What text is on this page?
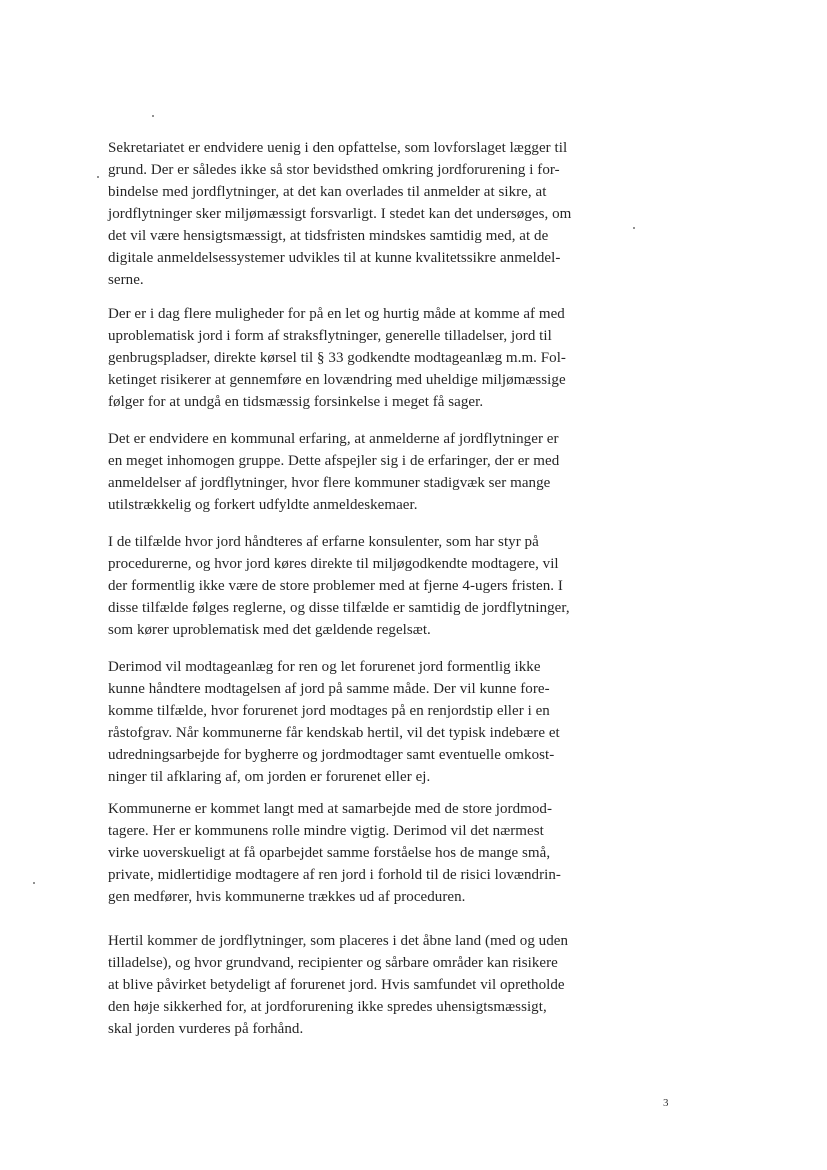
Sekretariatet er endvidere uenig i den opfattelse, som lovforslaget lægger til
grund. Der er således ikke så stor bevidsthed omkring jordforurening i for-
bindelse med jordflytninger, at det kan overlades til anmelder at sikre, at
jordflytninger sker miljømæssigt forsvarligt. I stedet kan det undersøges, om
det vil være hensigtsmæssigt, at tidsfristen mindskes samtidig med, at de
digitale anmeldelsessystemer udvikles til at kunne kvalitetssikre anmeldel-
serne.
Der er i dag flere muligheder for på en let og hurtig måde at komme af med
uproblematisk jord i form af straksflytninger, generelle tilladelser, jord til
genbrugspladser, direkte kørsel til § 33 godkendte modtageanlæg m.m. Fol-
ketinget risikerer at gennemføre en lovændring med uheldige miljømæssige
følger for at undgå en tidsmæssig forsinkelse i meget få sager.
Det er endvidere en kommunal erfaring, at anmelderne af jordflytninger er
en meget inhomogen gruppe. Dette afspejler sig i de erfaringer, der er med
anmeldelser af jordflytninger, hvor flere kommuner stadigvæk ser mange
utilstrækkelig og forkert udfyldte anmeldeskemaer.
I de tilfælde hvor jord håndteres af erfarne konsulenter, som har styr på
procedurerne, og hvor jord køres direkte til miljøgodkendte modtagere, vil
der formentlig ikke være de store problemer med at fjerne 4-ugers fristen. I
disse tilfælde følges reglerne, og disse tilfælde er samtidig de jordflytninger,
som kører uproblematisk med det gældende regelsæt.
Derimod vil modtageanlæg for ren og let forurenet jord formentlig ikke
kunne håndtere modtagelsen af jord på samme måde. Der vil kunne fore-
komme tilfælde, hvor forurenet jord modtages på en renjordstip eller i en
råstofgrav. Når kommunerne får kendskab hertil, vil det typisk indebære et
udredningsarbejde for bygherre og jordmodtager samt eventuelle omkost-
ninger til afklaring af, om jorden er forurenet eller ej.
Kommunerne er kommet langt med at samarbejde med de store jordmod-
tagere. Her er kommunens rolle mindre vigtig. Derimod vil det nærmest
virke uoverskueligt at få oparbejdet samme forståelse hos de mange små,
private, midlertidige modtagere af ren jord i forhold til de risici lovændrin-
gen medfører, hvis kommunerne trækkes ud af proceduren.
Hertil kommer de jordflytninger, som placeres i det åbne land (med og uden
tilladelse), og hvor grundvand, recipienter og sårbare områder kan risikere
at blive påvirket betydeligt af forurenet jord. Hvis samfundet vil opretholde
den høje sikkerhed for, at jordforurening ikke spredes uhensigtsmæssigt,
skal jorden vurderes på forhånd.
3
